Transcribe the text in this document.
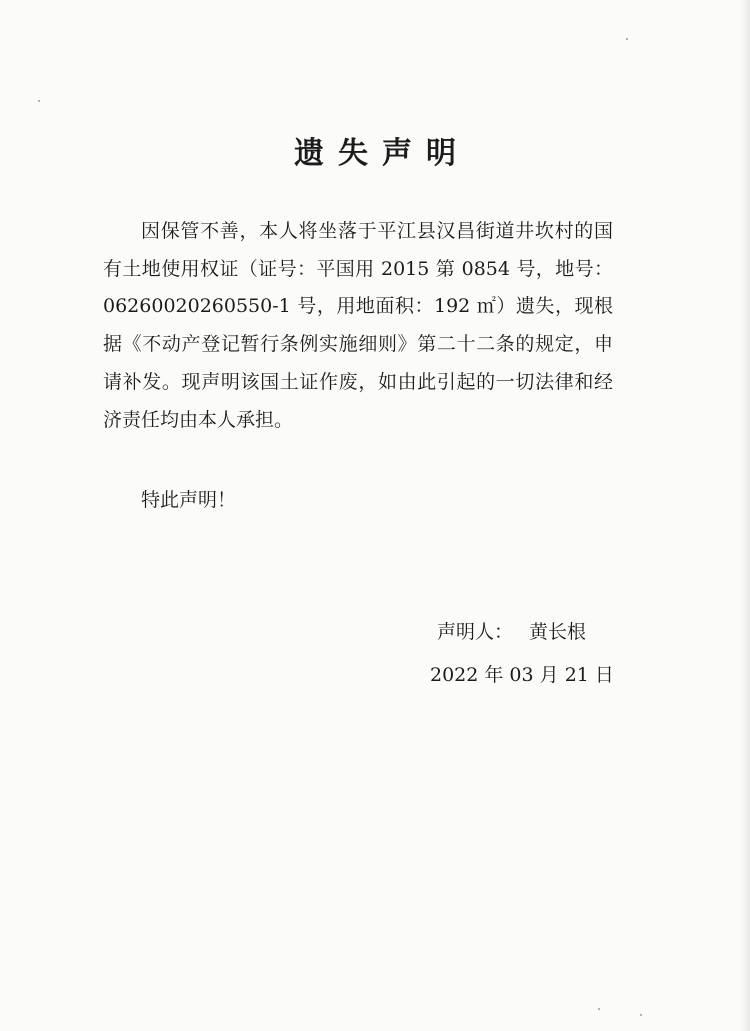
遗失声明

因保管不善，本人将坐落于平江县汉昌街道井坎村的国有土地使用权证（证号：平国用 2015 第 0854 号，地号：06260020260550-1 号，用地面积：192 ㎡）遗失，现根据《不动产登记暂行条例实施细则》第二十二条的规定，申请补发。现声明该国土证作废，如由此引起的一切法律和经济责任均由本人承担。

特此声明！
声明人： 黄长根
2022 年 03 月 21 日
